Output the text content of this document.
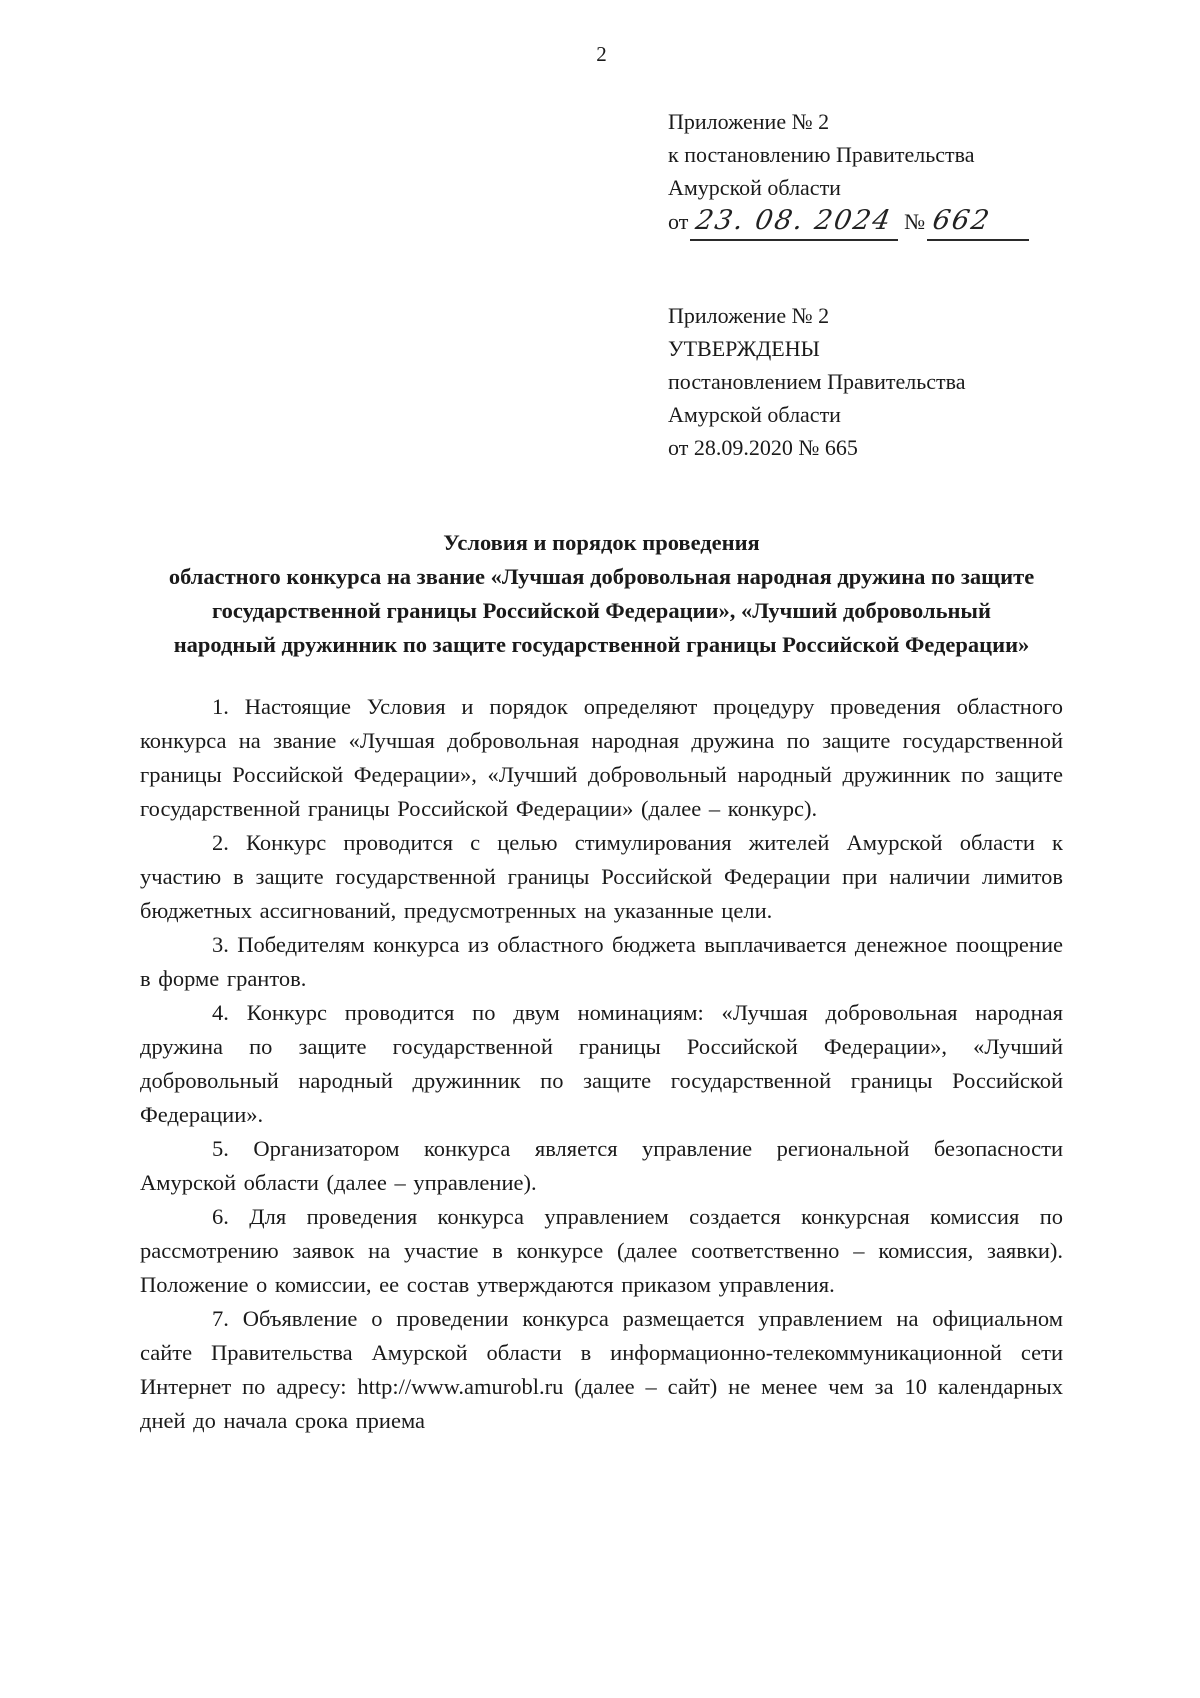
2
Приложение № 2
к постановлению Правительства
Амурской области
от 23. 08. 2024 № 662
Приложение № 2
УТВЕРЖДЕНЫ
постановлением Правительства
Амурской области
от 28.09.2020 № 665
Условия и порядок проведения
областного конкурса на звание «Лучшая добровольная народная дружина по защите государственной границы Российской Федерации», «Лучший добровольный народный дружинник по защите государственной границы Российской Федерации»

1. Настоящие Условия и порядок определяют процедуру проведения областного конкурса на звание «Лучшая добровольная народная дружина по защите государственной границы Российской Федерации», «Лучший добровольный народный дружинник по защите государственной границы Российской Федерации» (далее – конкурс).

2. Конкурс проводится с целью стимулирования жителей Амурской области к участию в защите государственной границы Российской Федерации при наличии лимитов бюджетных ассигнований, предусмотренных на указанные цели.

3. Победителям конкурса из областного бюджета выплачивается денежное поощрение в форме грантов.

4. Конкурс проводится по двум номинациям: «Лучшая добровольная народная дружина по защите государственной границы Российской Федерации», «Лучший добровольный народный дружинник по защите государственной границы Российской Федерации».

5. Организатором конкурса является управление региональной безопасности Амурской области (далее – управление).

6. Для проведения конкурса управлением создается конкурсная комиссия по рассмотрению заявок на участие в конкурсе (далее соответственно – комиссия, заявки). Положение о комиссии, ее состав утверждаются приказом управления.

7. Объявление о проведении конкурса размещается управлением на официальном сайте Правительства Амурской области в информационно-телекоммуникационной сети Интернет по адресу: http://www.amurobl.ru (далее – сайт) не менее чем за 10 календарных дней до начала срока приема
